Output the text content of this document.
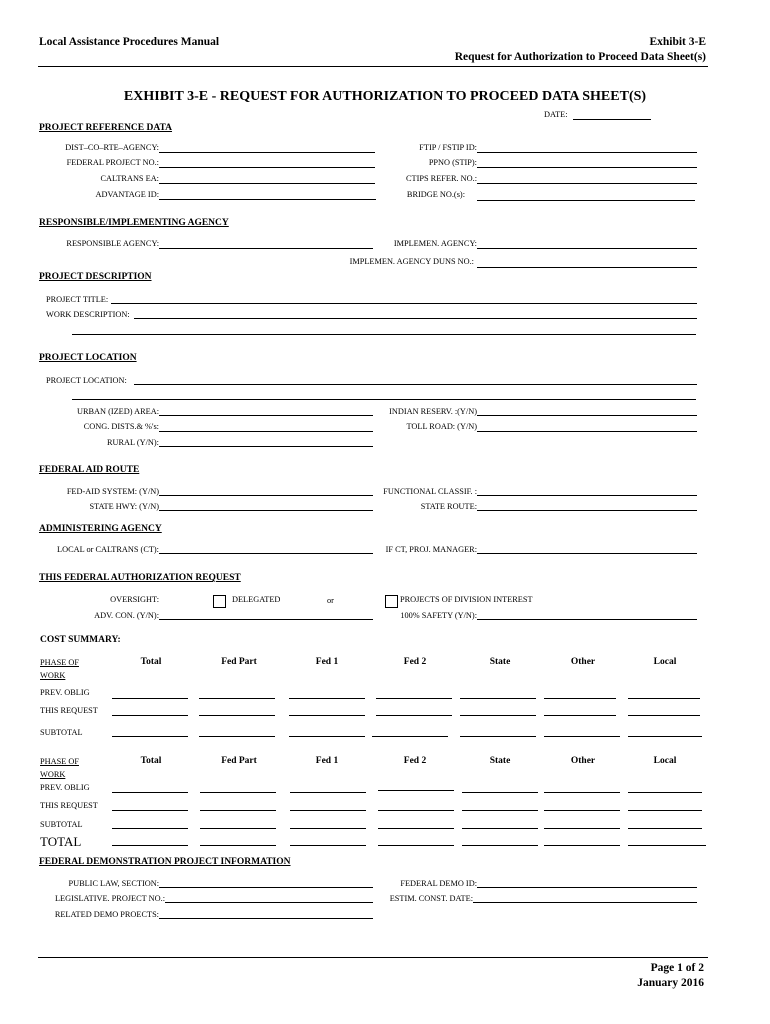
Local Assistance Procedures Manual	Exhibit 3-E
Request for Authorization to Proceed Data Sheet(s)
EXHIBIT 3-E - REQUEST FOR AUTHORIZATION TO PROCEED DATA SHEET(S)
DATE:
PROJECT REFERENCE DATA
DIST–CO–RTE–AGENCY:
FEDERAL PROJECT NO.:
CALTRANS EA:
ADVANTAGE ID:
FTIP / FSTIP ID:
PPNO (STIP):
CTIPS REFER. NO.:
BRIDGE NO.(s):
RESPONSIBLE/IMPLEMENTING AGENCY
RESPONSIBLE AGENCY:	IMPLEMEN. AGENCY:
IMPLEMEN. AGENCY DUNS NO.:
PROJECT DESCRIPTION
PROJECT TITLE:
WORK DESCRIPTION:
PROJECT LOCATION
PROJECT LOCATION:
URBAN (IZED) AREA:
CONG. DISTS.& %'s:
RURAL (Y/N):
INDIAN RESERV. :(Y/N)
TOLL ROAD: (Y/N)
FEDERAL AID ROUTE
FED-AID SYSTEM: (Y/N)
STATE HWY: (Y/N)
FUNCTIONAL CLASSIF. :
STATE ROUTE:
ADMINISTERING AGENCY
LOCAL or CALTRANS (CT):	IF CT, PROJ. MANAGER:
THIS FEDERAL AUTHORIZATION REQUEST
OVERSIGHT:	DELEGATED	or	PROJECTS OF DIVISION INTEREST
ADV. CON. (Y/N):	100% SAFETY (Y/N):
COST SUMMARY:
PHASE OF
WORK
Total	Fed Part	Fed 1	Fed 2	State	Other	Local
PREV. OBLIG
THIS REQUEST
SUBTOTAL
PHASE OF
WORK
Total	Fed Part	Fed 1	Fed 2	State	Other	Local
PREV. OBLIG
THIS REQUEST
SUBTOTAL
TOTAL
FEDERAL DEMONSTRATION PROJECT INFORMATION
PUBLIC LAW, SECTION:
LEGISLATIVE. PROJECT NO.:
RELATED DEMO PROECTS:
FEDERAL DEMO ID:
ESTIM. CONST. DATE:
Page 1 of 2
January 2016
